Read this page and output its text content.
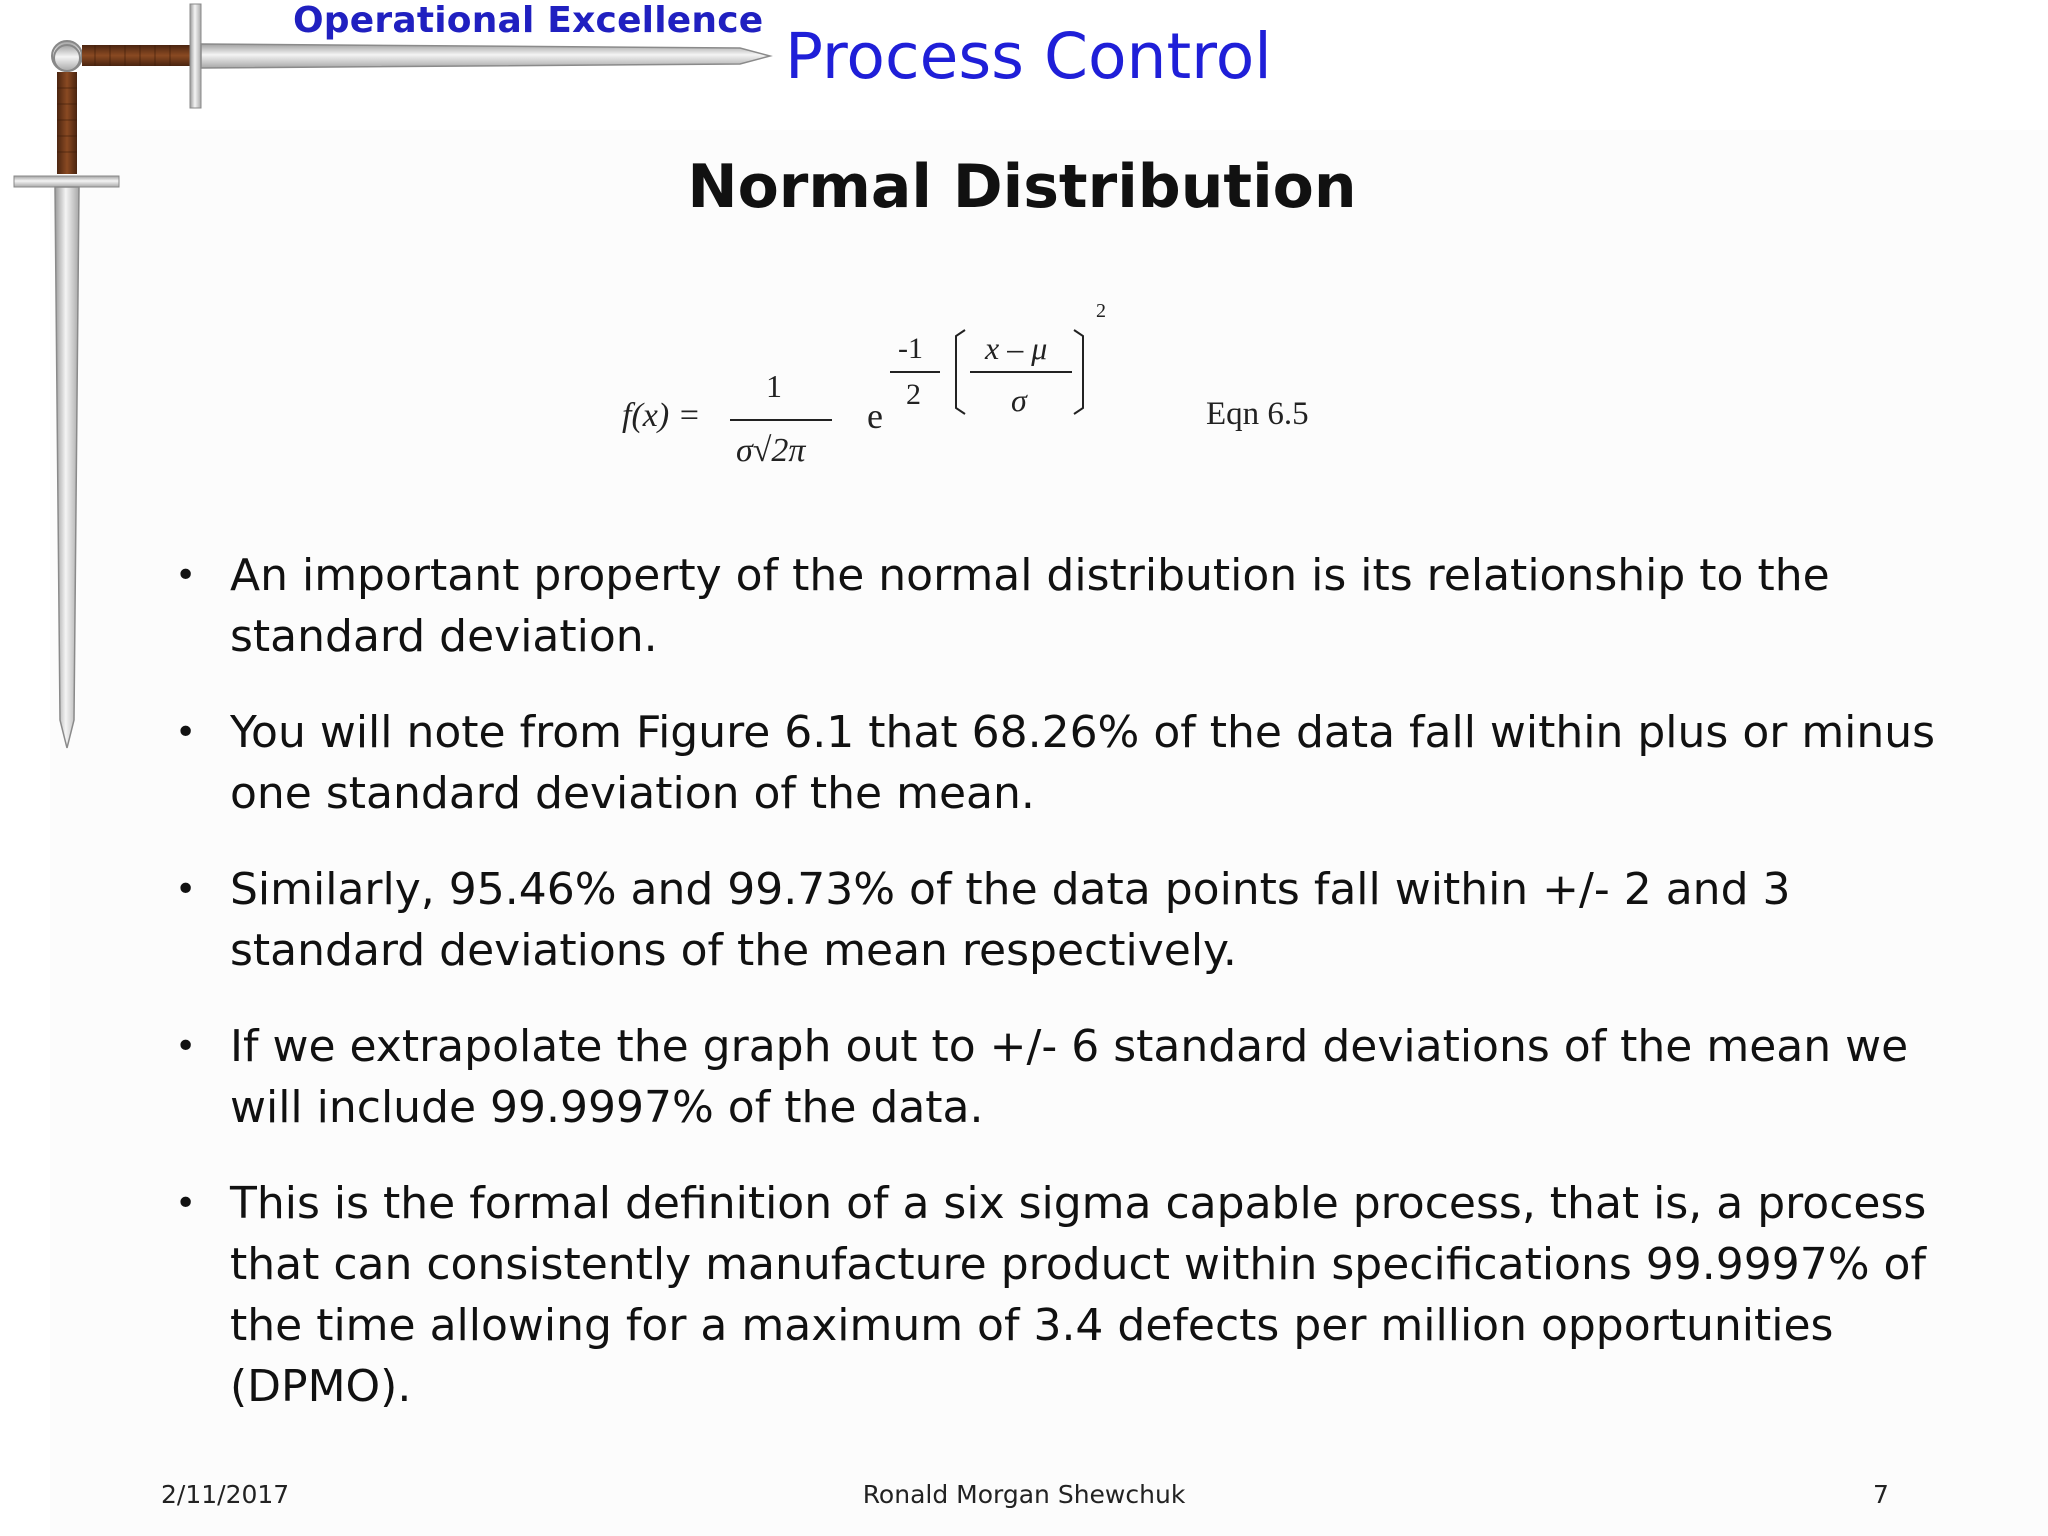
Operational Excellence Process Control
Normal Distribution
f(x) =
1
σ√2π
e
-1
2
x – μ
σ
2
Eqn 6.5
• An important property of the normal distribution is its relationship to the standard deviation.
• You will note from Figure 6.1 that 68.26% of the data fall within plus or minus one standard deviation of the mean.
• Similarly, 95.46% and 99.73% of the data points fall within +/- 2 and 3 standard deviations of the mean respectively.
• If we extrapolate the graph out to +/- 6 standard deviations of the mean we will include 99.9997% of the data.
• This is the formal definition of a six sigma capable process, that is, a process that can consistently manufacture product within specifications 99.9997% of the time allowing for a maximum of 3.4 defects per million opportunities (DPMO).
2/11/2017	Ronald Morgan Shewchuk	7
